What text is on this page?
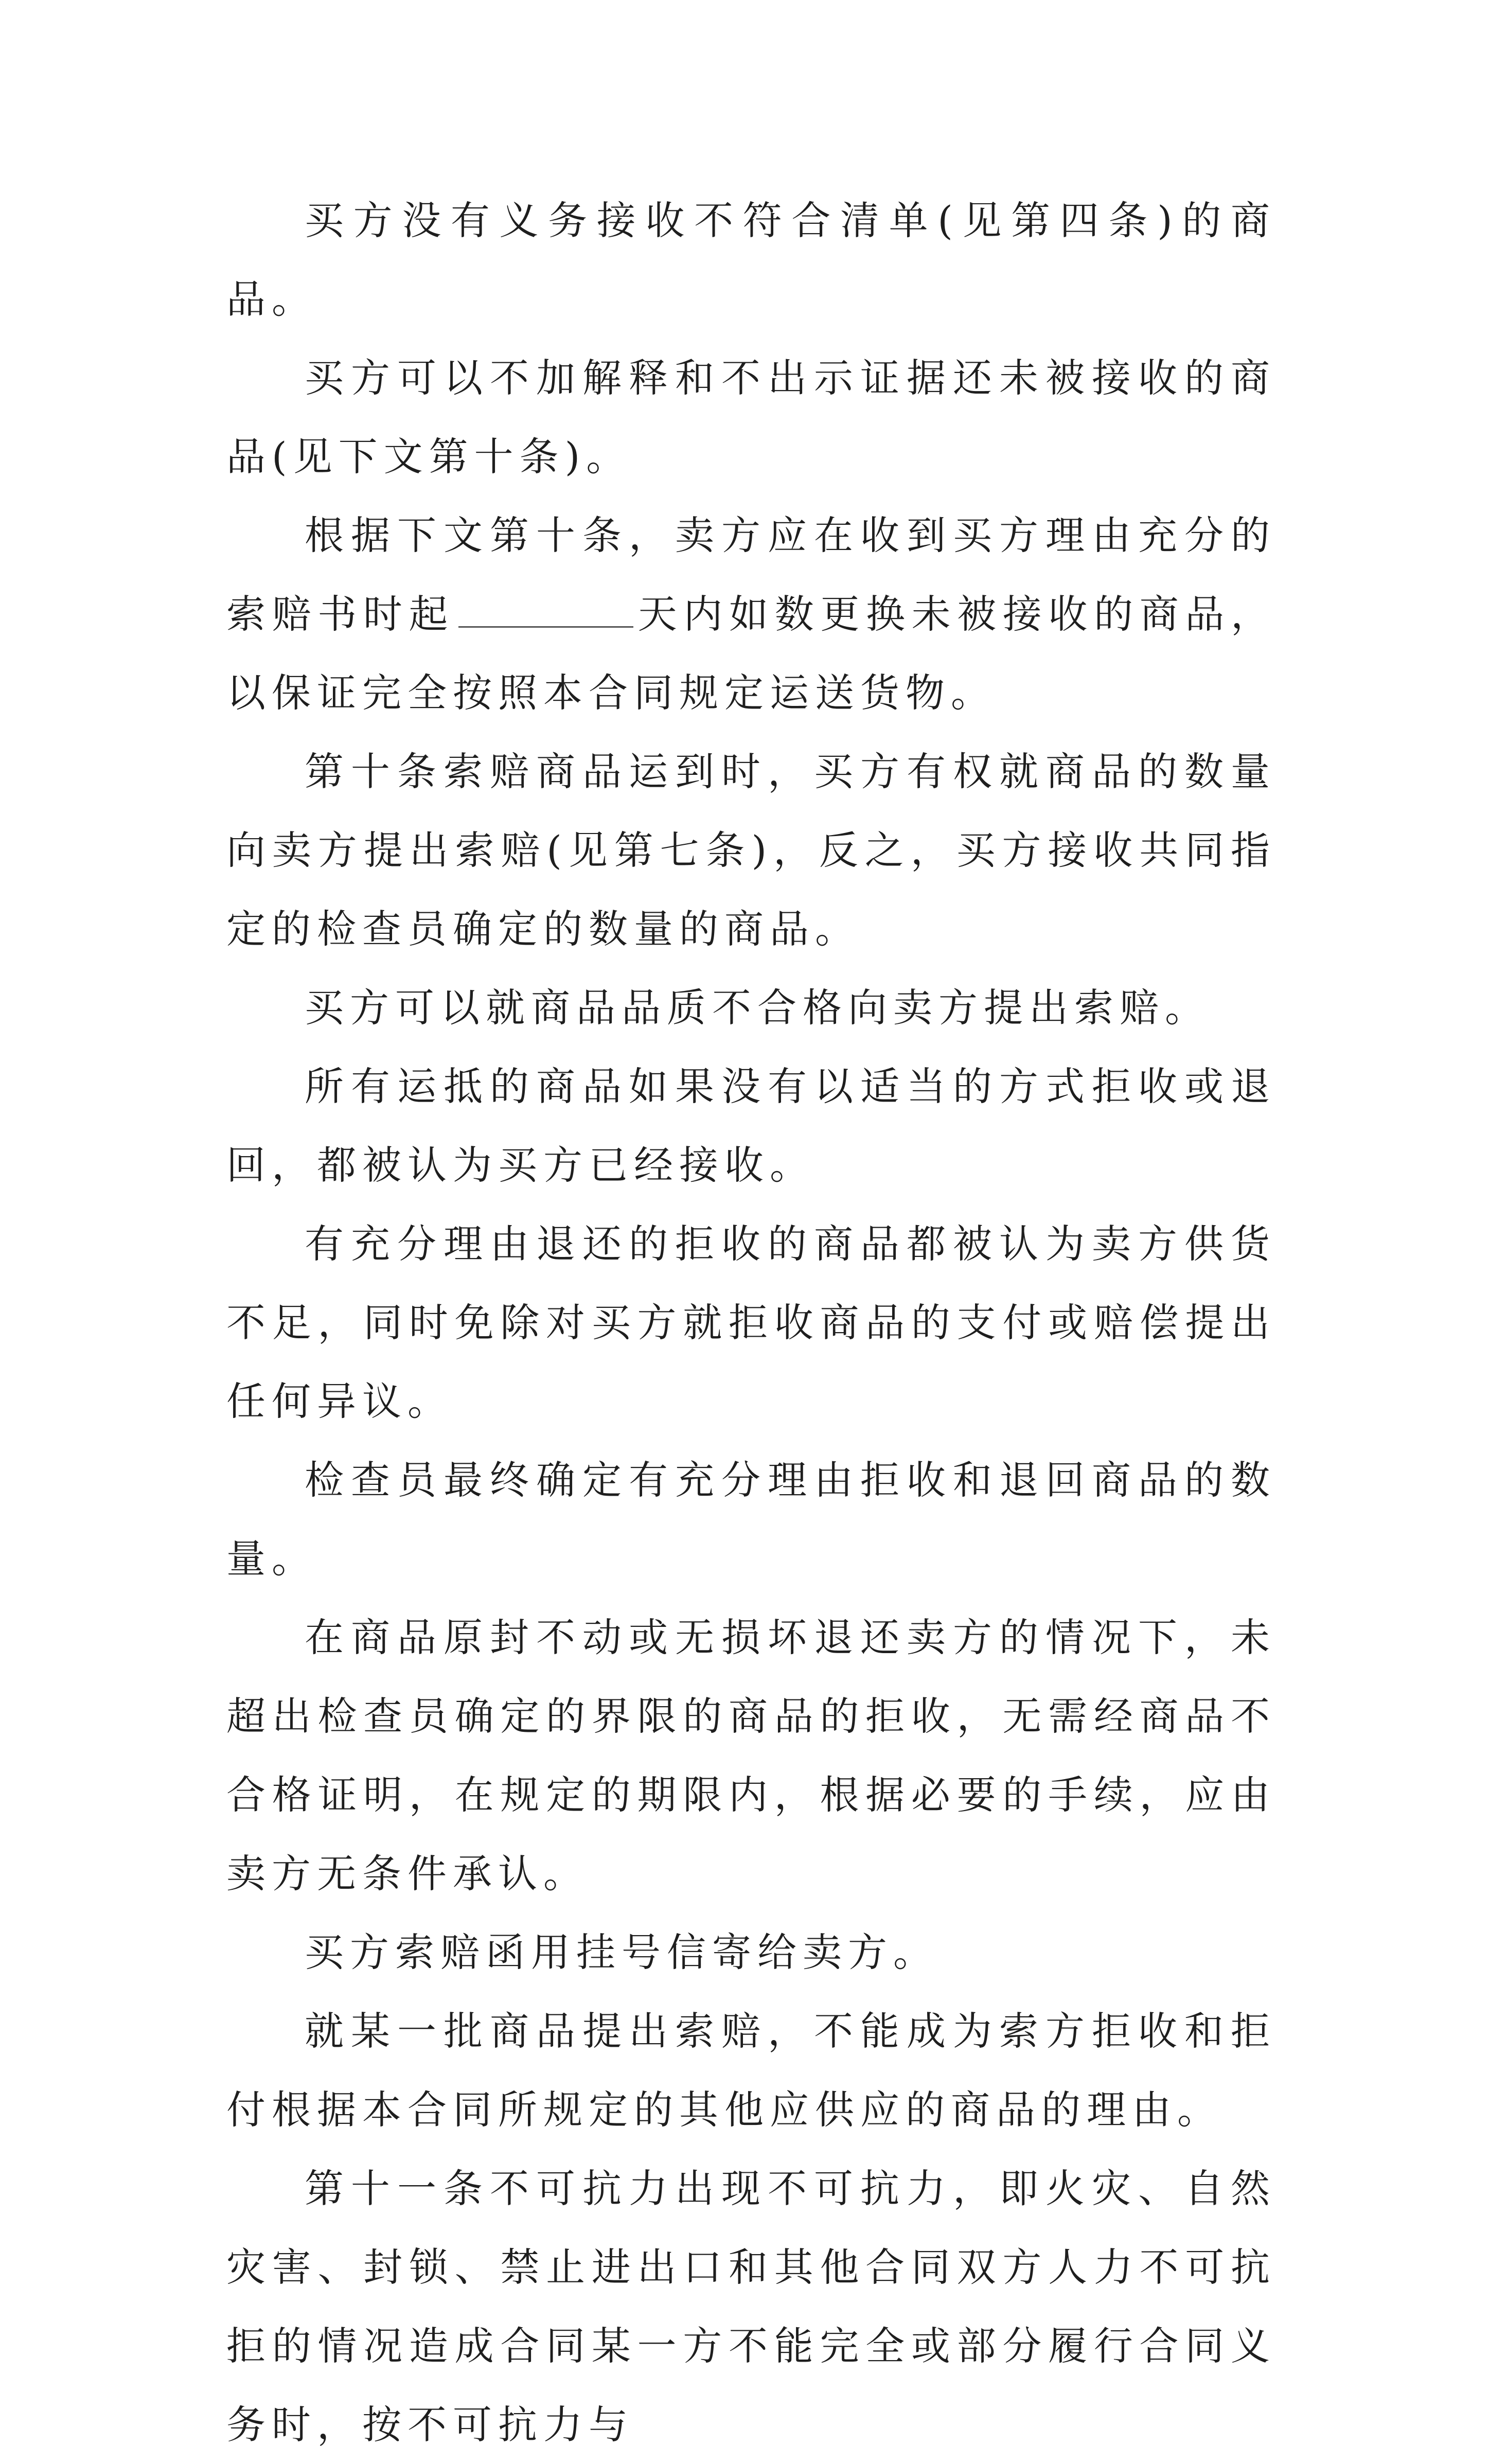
买方没有义务接收不符合清单(见第四条)的商品。

买方可以不加解释和不出示证据还未被接收的商品(见下文第十条)。

根据下文第十条，卖方应在收到买方理由充分的索赔书时起	天内如数更换未被接收的商品，以保证完全按照本合同规定运送货物。

第十条索赔商品运到时，买方有权就商品的数量向卖方提出索赔(见第七条)，反之，买方接收共同指定的检查员确定的数量的商品。

买方可以就商品品质不合格向卖方提出索赔。

所有运抵的商品如果没有以适当的方式拒收或退回，都被认为买方已经接收。

有充分理由退还的拒收的商品都被认为卖方供货不足，同时免除对买方就拒收商品的支付或赔偿提出任何异议。

检查员最终确定有充分理由拒收和退回商品的数量。

在商品原封不动或无损坏退还卖方的情况下，未超出检查员确定的界限的商品的拒收，无需经商品不合格证明，在规定的期限内，根据必要的手续，应由卖方无条件承认。

买方索赔函用挂号信寄给卖方。

就某一批商品提出索赔，不能成为索方拒收和拒付根据本合同所规定的其他应供应的商品的理由。

第十一条不可抗力出现不可抗力，即火灾、自然灾害、封锁、禁止进出口和其他合同双方人力不可抗拒的情况造成合同某一方不能完全或部分履行合同义务时，按不可抗力与
